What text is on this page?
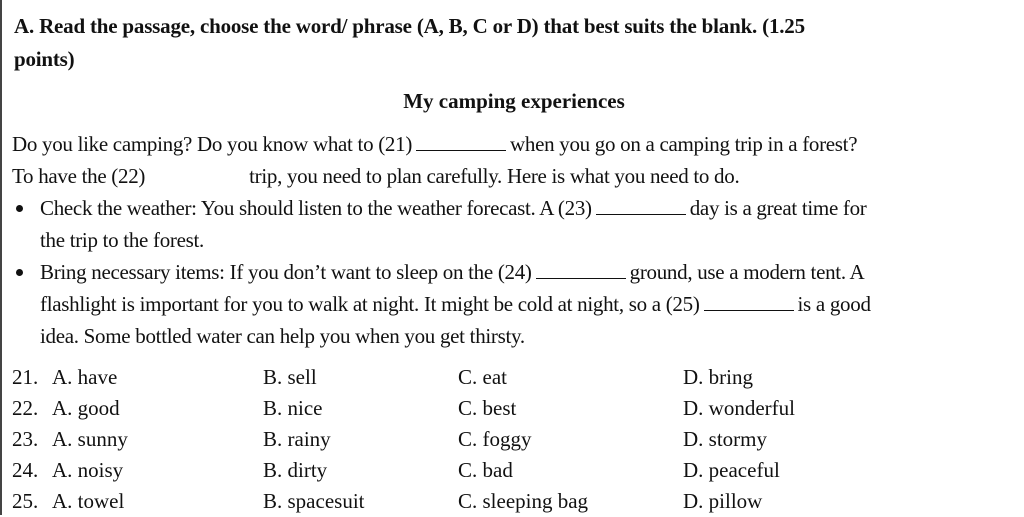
A. Read the passage, choose the word/ phrase (A, B, C or D) that best suits the blank. (1.25
points)
My camping experiences
Do you like camping? Do you know what to (21)	when you go on a camping trip in a forest?
To have the (22)	trip, you need to plan carefully. Here is what you need to do.
Check the weather: You should listen to the weather forecast. A (23)	day is a great time for
the trip to the forest.
Bring necessary items: If you don’t want to sleep on the (24)	ground, use a modern tent. A
flashlight is important for you to walk at night. It might be cold at night, so a (25)	is a good
idea. Some bottled water can help you when you get thirsty.
21. A. have	B. sell	C. eat	D. bring
22. A. good	B. nice	C. best	D. wonderful
23. A. sunny	B. rainy	C. foggy	D. stormy
24. A. noisy	B. dirty	C. bad	D. peaceful
25. A. towel	B. spacesuit	C. sleeping bag	D. pillow
